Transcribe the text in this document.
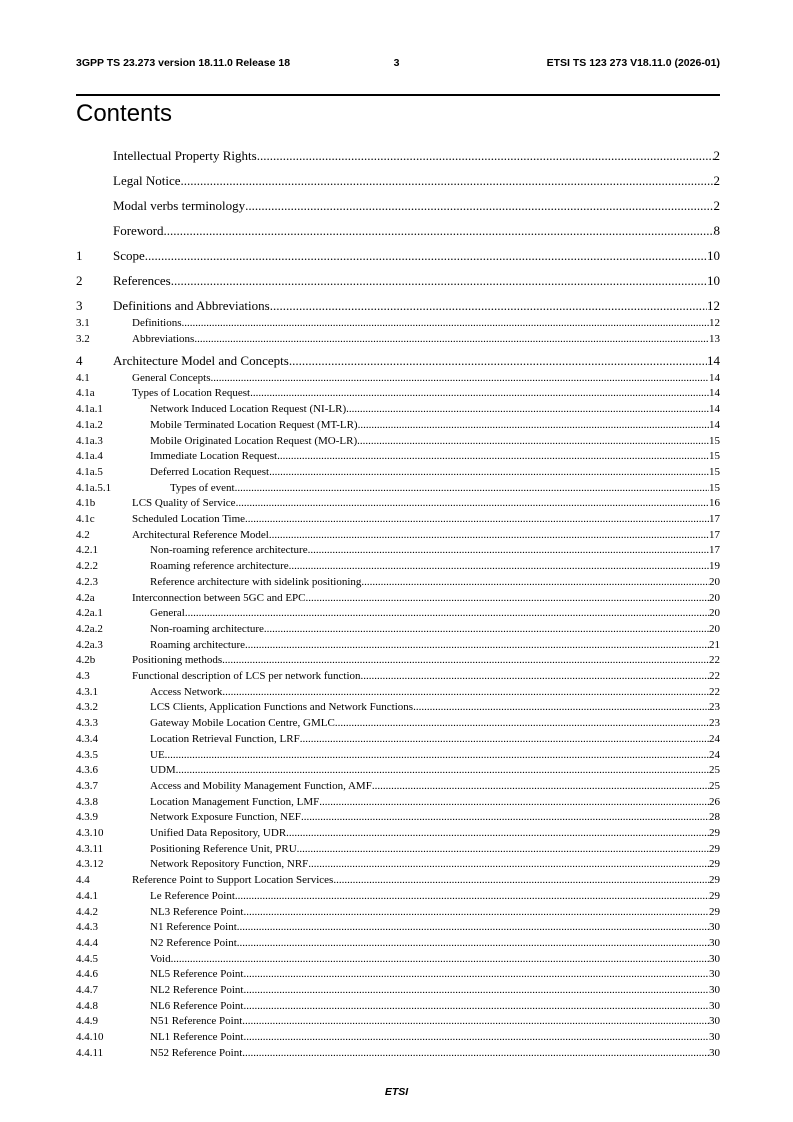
3GPP TS 23.273 version 18.11.0 Release 18	3	ETSI TS 123 273 V18.11.0 (2026-01)
Contents
Intellectual Property Rights .....	2
Legal Notice .....	2
Modal verbs terminology .....	2
Foreword .....	8
1	Scope .....	10
2	References .....	10
3	Definitions and Abbreviations .....	12
3.1	Definitions .....	12
3.2	Abbreviations .....	13
4	Architecture Model and Concepts .....	14
4.1	General Concepts .....	14
4.1a	Types of Location Request .....	14
4.1a.1	Network Induced Location Request (NI-LR) .....	14
4.1a.2	Mobile Terminated Location Request (MT-LR) .....	14
4.1a.3	Mobile Originated Location Request (MO-LR) .....	15
4.1a.4	Immediate Location Request .....	15
4.1a.5	Deferred Location Request .....	15
4.1a.5.1	Types of event .....	15
4.1b	LCS Quality of Service .....	16
4.1c	Scheduled Location Time .....	17
4.2	Architectural Reference Model .....	17
4.2.1	Non-roaming reference architecture .....	17
4.2.2	Roaming reference architecture .....	19
4.2.3	Reference architecture with sidelink positioning .....	20
4.2a	Interconnection between 5GC and EPC .....	20
4.2a.1	General .....	20
4.2a.2	Non-roaming architecture .....	20
4.2a.3	Roaming architecture .....	21
4.2b	Positioning methods .....	22
4.3	Functional description of LCS per network function .....	22
4.3.1	Access Network .....	22
4.3.2	LCS Clients, Application Functions and Network Functions .....	23
4.3.3	Gateway Mobile Location Centre, GMLC .....	23
4.3.4	Location Retrieval Function, LRF .....	24
4.3.5	UE .....	24
4.3.6	UDM .....	25
4.3.7	Access and Mobility Management Function, AMF .....	25
4.3.8	Location Management Function, LMF .....	26
4.3.9	Network Exposure Function, NEF .....	28
4.3.10	Unified Data Repository, UDR .....	29
4.3.11	Positioning Reference Unit, PRU .....	29
4.3.12	Network Repository Function, NRF .....	29
4.4	Reference Point to Support Location Services .....	29
4.4.1	Le Reference Point .....	29
4.4.2	NL3 Reference Point .....	29
4.4.3	N1 Reference Point .....	30
4.4.4	N2 Reference Point .....	30
4.4.5	Void .....	30
4.4.6	NL5 Reference Point .....	30
4.4.7	NL2 Reference Point .....	30
4.4.8	NL6 Reference Point .....	30
4.4.9	N51 Reference Point .....	30
4.4.10	NL1 Reference Point .....	30
4.4.11	N52 Reference Point .....	30
ETSI
